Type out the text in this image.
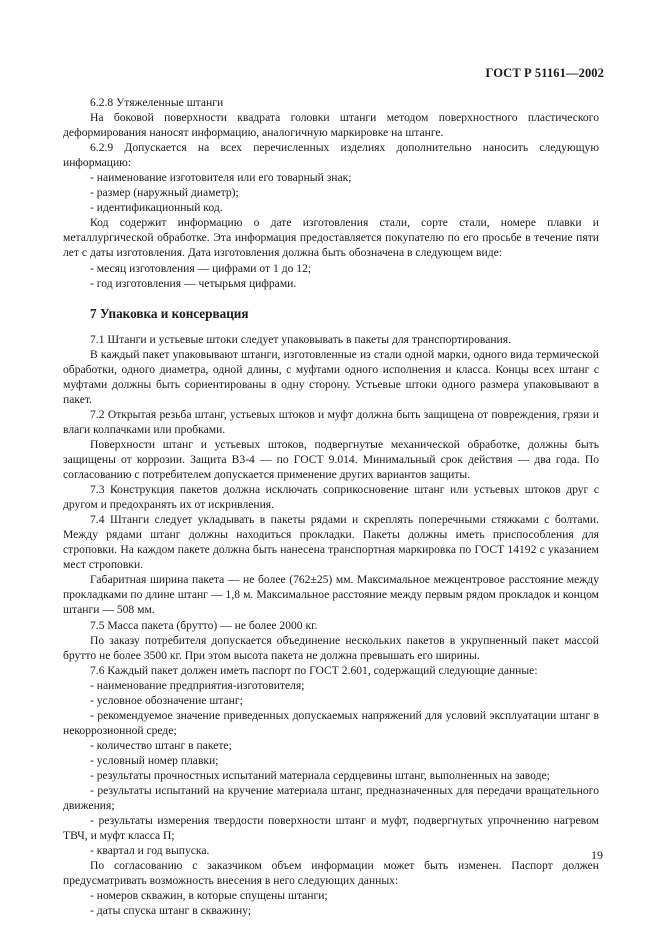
ГОСТ Р 51161—2002

6.2.8 Утяжеленные штанги

На боковой поверхности квадрата головки штанги методом поверхностного пластического деформирования наносят информацию, аналогичную маркировке на штанге.

6.2.9 Допускается на всех перечисленных изделиях дополнительно наносить следующую информацию:

- наименование изготовителя или его товарный знак;

- размер (наружный диаметр);

- идентификационный код.

Код содержит информацию о дате изготовления стали, сорте стали, номере плавки и металлургической обработке. Эта информация предоставляется покупателю по его просьбе в течение пяти лет с даты изготовления. Дата изготовления должна быть обозначена в следующем виде:

- месяц изготовления — цифрами от 1 до 12;

- год изготовления — четырьмя цифрами.

7 Упаковка и консервация

7.1 Штанги и устьевые штоки следует упаковывать в пакеты для транспортирования.

В каждый пакет упаковывают штанги, изготовленные из стали одной марки, одного вида термической обработки, одного диаметра, одной длины, с муфтами одного исполнения и класса. Концы всех штанг с муфтами должны быть сориентированы в одну сторону. Устьевые штоки одного размера упаковывают в пакет.

7.2 Открытая резьба штанг, устьевых штоков и муфт должна быть защищена от повреждения, грязи и влаги колпачками или пробками.

Поверхности штанг и устьевых штоков, подвергнутые механической обработке, должны быть защищены от коррозии. Защита В3-4 — по ГОСТ 9.014. Минимальный срок действия — два года. По согласованию с потребителем допускается применение других вариантов защиты.

7.3 Конструкция пакетов должна исключать соприкосновение штанг или устьевых штоков друг с другом и предохранять их от искривления.

7.4 Штанги следует укладывать в пакеты рядами и скреплять поперечными стяжками с болтами. Между рядами штанг должны находиться прокладки. Пакеты должны иметь приспособления для строповки. На каждом пакете должна быть нанесена транспортная маркировка по ГОСТ 14192 с указанием мест строповки.

Габаритная ширина пакета — не более (762±25) мм. Максимальное межцентровое расстояние между прокладками по длине штанг — 1,8 м. Максимальное расстояние между первым рядом прокладок и концом штанги — 508 мм.

7.5 Масса пакета (брутто) — не более 2000 кг.

По заказу потребителя допускается объединение нескольких пакетов в укрупненный пакет массой брутто не более 3500 кг. При этом высота пакета не должна превышать его ширины.

7.6 Каждый пакет должен иметь паспорт по ГОСТ 2.601, содержащий следующие данные:

- наименование предприятия-изготовителя;

- условное обозначение штанг;

- рекомендуемое значение приведенных допускаемых напряжений для условий эксплуатации штанг в некоррозионной среде;

- количество штанг в пакете;

- условный номер плавки;

- результаты прочностных испытаний материала сердцевины штанг, выполненных на заводе;

- результаты испытаний на кручение материала штанг, предназначенных для передачи вращательного движения;

- результаты измерения твердости поверхности штанг и муфт, подвергнутых упрочнению нагревом ТВЧ, и муфт класса П;

- квартал и год выпуска.

По согласованию с заказчиком объем информации может быть изменен. Паспорт должен предусматривать возможность внесения в него следующих данных:

- номеров скважин, в которые спущены штанги;

- даты спуска штанг в скважину;

19
